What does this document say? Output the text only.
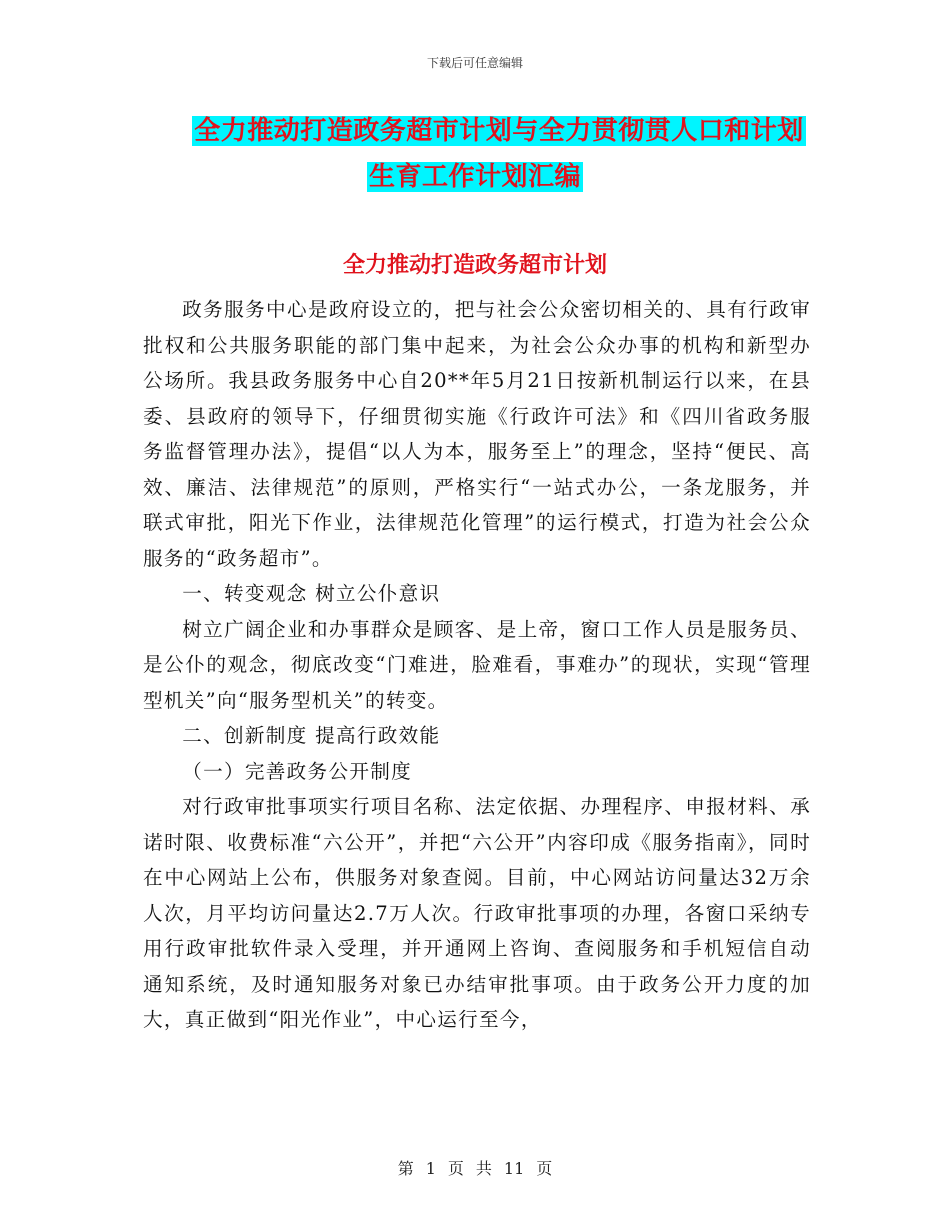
下载后可任意编辑
全力推动打造政务超市计划与全力贯彻贯人口和计划
生育工作计划汇编
全力推动打造政务超市计划

政务服务中心是政府设立的，把与社会公众密切相关的、具有行政审批权和公共服务职能的部门集中起来，为社会公众办事的机构和新型办公场所。我县政务服务中心自20**年5月21日按新机制运行以来，在县委、县政府的领导下，仔细贯彻实施《行政许可法》和《四川省政务服务监督管理办法》，提倡“以人为本，服务至上”的理念，坚持“便民、高效、廉洁、法律规范”的原则，严格实行“一站式办公，一条龙服务，并联式审批，阳光下作业，法律规范化管理”的运行模式，打造为社会公众服务的“政务超市”。

一、转变观念 树立公仆意识

树立广阔企业和办事群众是顾客、是上帝，窗口工作人员是服务员、是公仆的观念，彻底改变“门难进，脸难看，事难办”的现状，实现“管理型机关”向“服务型机关”的转变。

二、创新制度 提高行政效能

（一）完善政务公开制度

对行政审批事项实行项目名称、法定依据、办理程序、申报材料、承诺时限、收费标准“六公开”，并把“六公开”内容印成《服务指南》，同时在中心网站上公布，供服务对象查阅。目前，中心网站访问量达32万余人次，月平均访问量达2.7万人次。行政审批事项的办理，各窗口采纳专用行政审批软件录入受理，并开通网上咨询、查阅服务和手机短信自动通知系统，及时通知服务对象已办结审批事项。由于政务公开力度的加大，真正做到“阳光作业”，中心运行至今，

第 1 页 共 11 页
